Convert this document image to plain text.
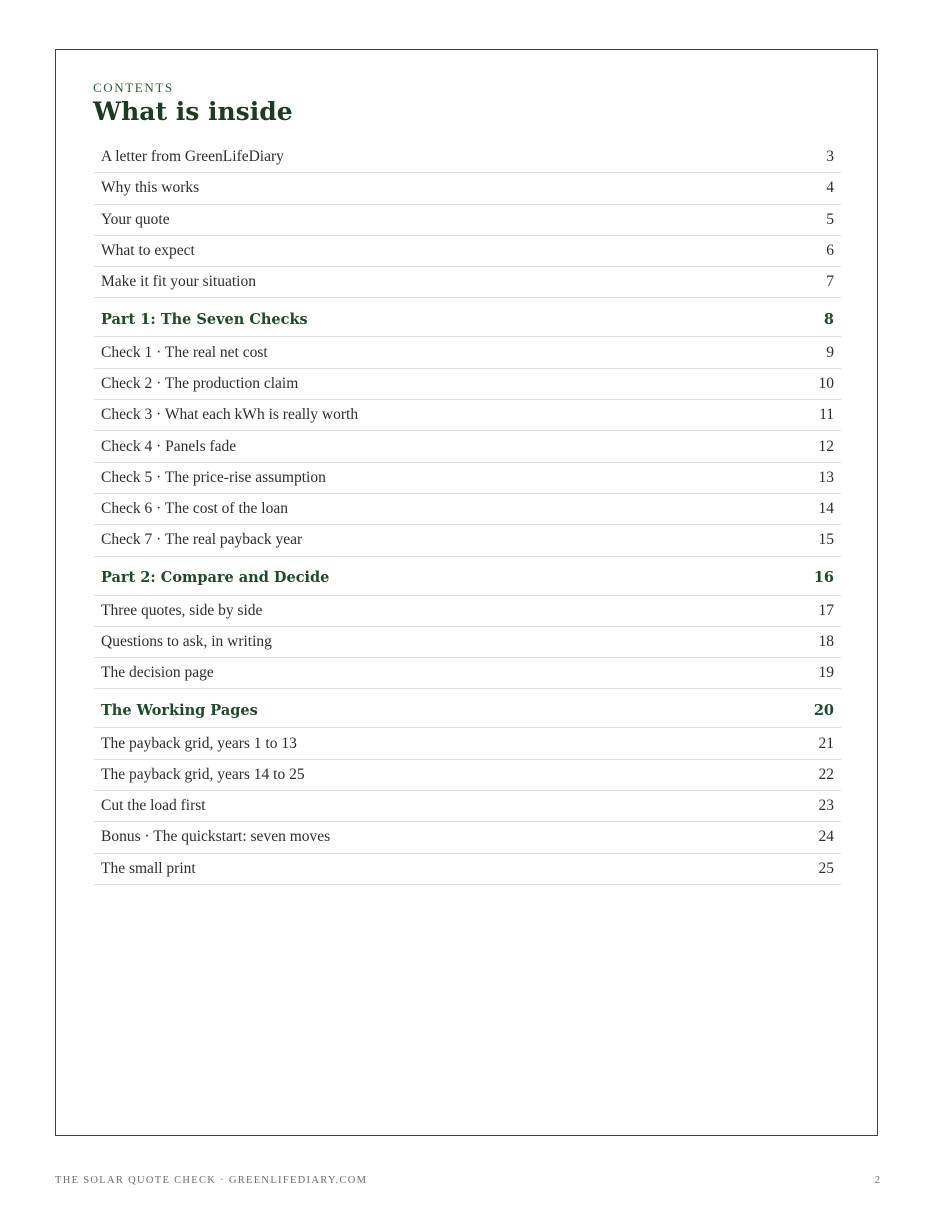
CONTENTS
What is inside
A letter from GreenLifeDiary	3
Why this works	4
Your quote	5
What to expect	6
Make it fit your situation	7
Part 1: The Seven Checks	8
Check 1 · The real net cost	9
Check 2 · The production claim	10
Check 3 · What each kWh is really worth	11
Check 4 · Panels fade	12
Check 5 · The price-rise assumption	13
Check 6 · The cost of the loan	14
Check 7 · The real payback year	15
Part 2: Compare and Decide	16
Three quotes, side by side	17
Questions to ask, in writing	18
The decision page	19
The Working Pages	20
The payback grid, years 1 to 13	21
The payback grid, years 14 to 25	22
Cut the load first	23
Bonus · The quickstart: seven moves	24
The small print	25
THE SOLAR QUOTE CHECK · GREENLIFEDIARY.COM	2
